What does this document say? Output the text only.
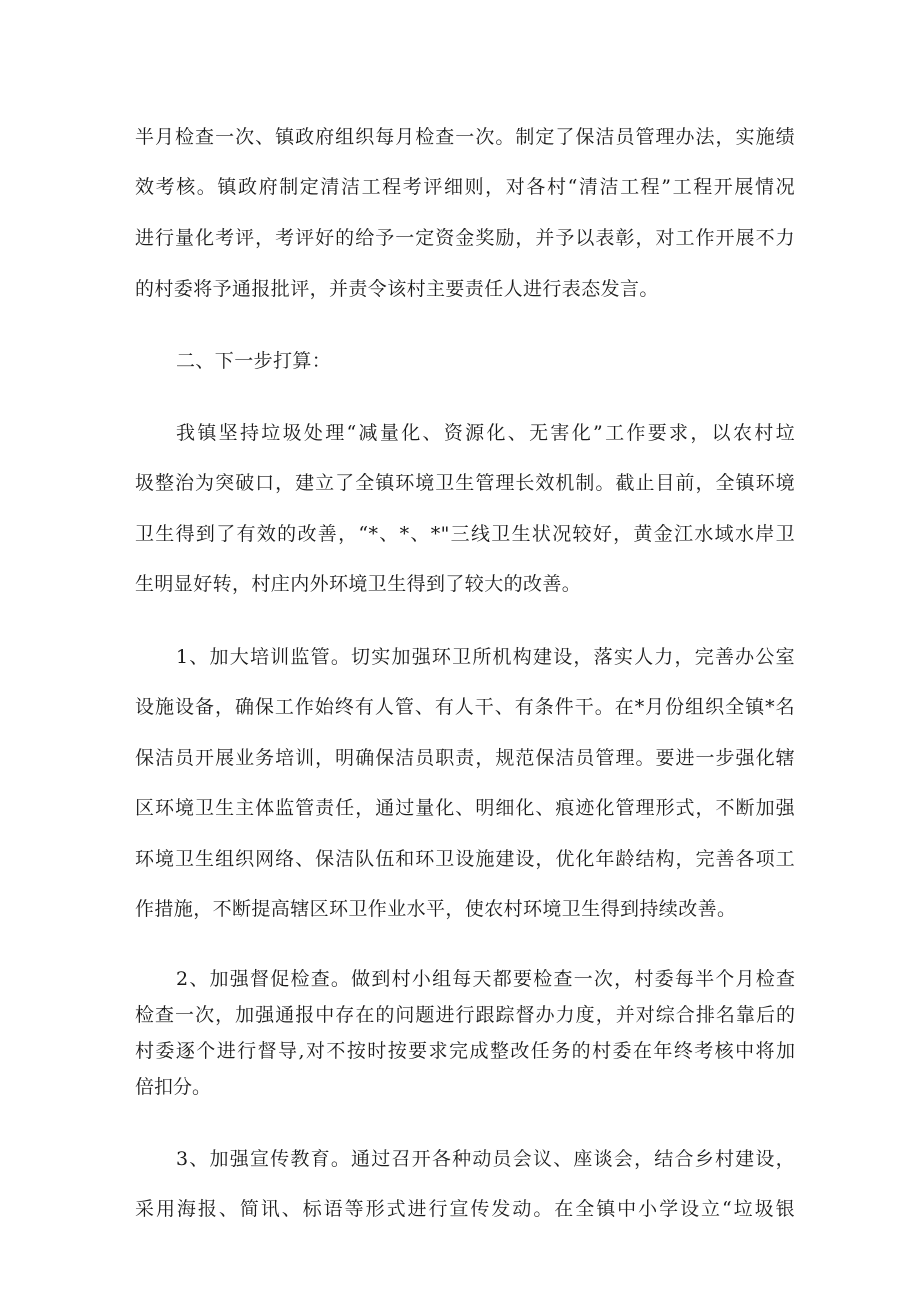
半月检查一次、镇政府组织每月检查一次。制定了保洁员管理办法，实施绩
效考核。镇政府制定清洁工程考评细则，对各村“清洁工程”工程开展情况
进行量化考评，考评好的给予一定资金奖励，并予以表彰，对工作开展不力
的村委将予通报批评，并责令该村主要责任人进行表态发言。
二、下一步打算：
我镇坚持垃圾处理“减量化、资源化、无害化”工作要求，以农村垃
圾整治为突破口，建立了全镇环境卫生管理长效机制。截止目前，全镇环境
卫生得到了有效的改善，“*、*、*"三线卫生状况较好，黄金江水域水岸卫
生明显好转，村庄内外环境卫生得到了较大的改善。
1、加大培训监管。切实加强环卫所机构建设，落实人力，完善办公室
设施设备，确保工作始终有人管、有人干、有条件干。在*月份组织全镇*名
保洁员开展业务培训，明确保洁员职责，规范保洁员管理。要进一步强化辖
区环境卫生主体监管责任，通过量化、明细化、痕迹化管理形式，不断加强
环境卫生组织网络、保洁队伍和环卫设施建设，优化年龄结构，完善各项工
作措施，不断提高辖区环卫作业水平，使农村环境卫生得到持续改善。
2、加强督促检查。做到村小组每天都要检查一次，村委每半个月检查
检查一次，加强通报中存在的问题进行跟踪督办力度，并对综合排名靠后的
村委逐个进行督导,对不按时按要求完成整改任务的村委在年终考核中将加
倍扣分。
3、加强宣传教育。通过召开各种动员会议、座谈会，结合乡村建设，
采用海报、简讯、标语等形式进行宣传发动。在全镇中小学设立“垃圾银
